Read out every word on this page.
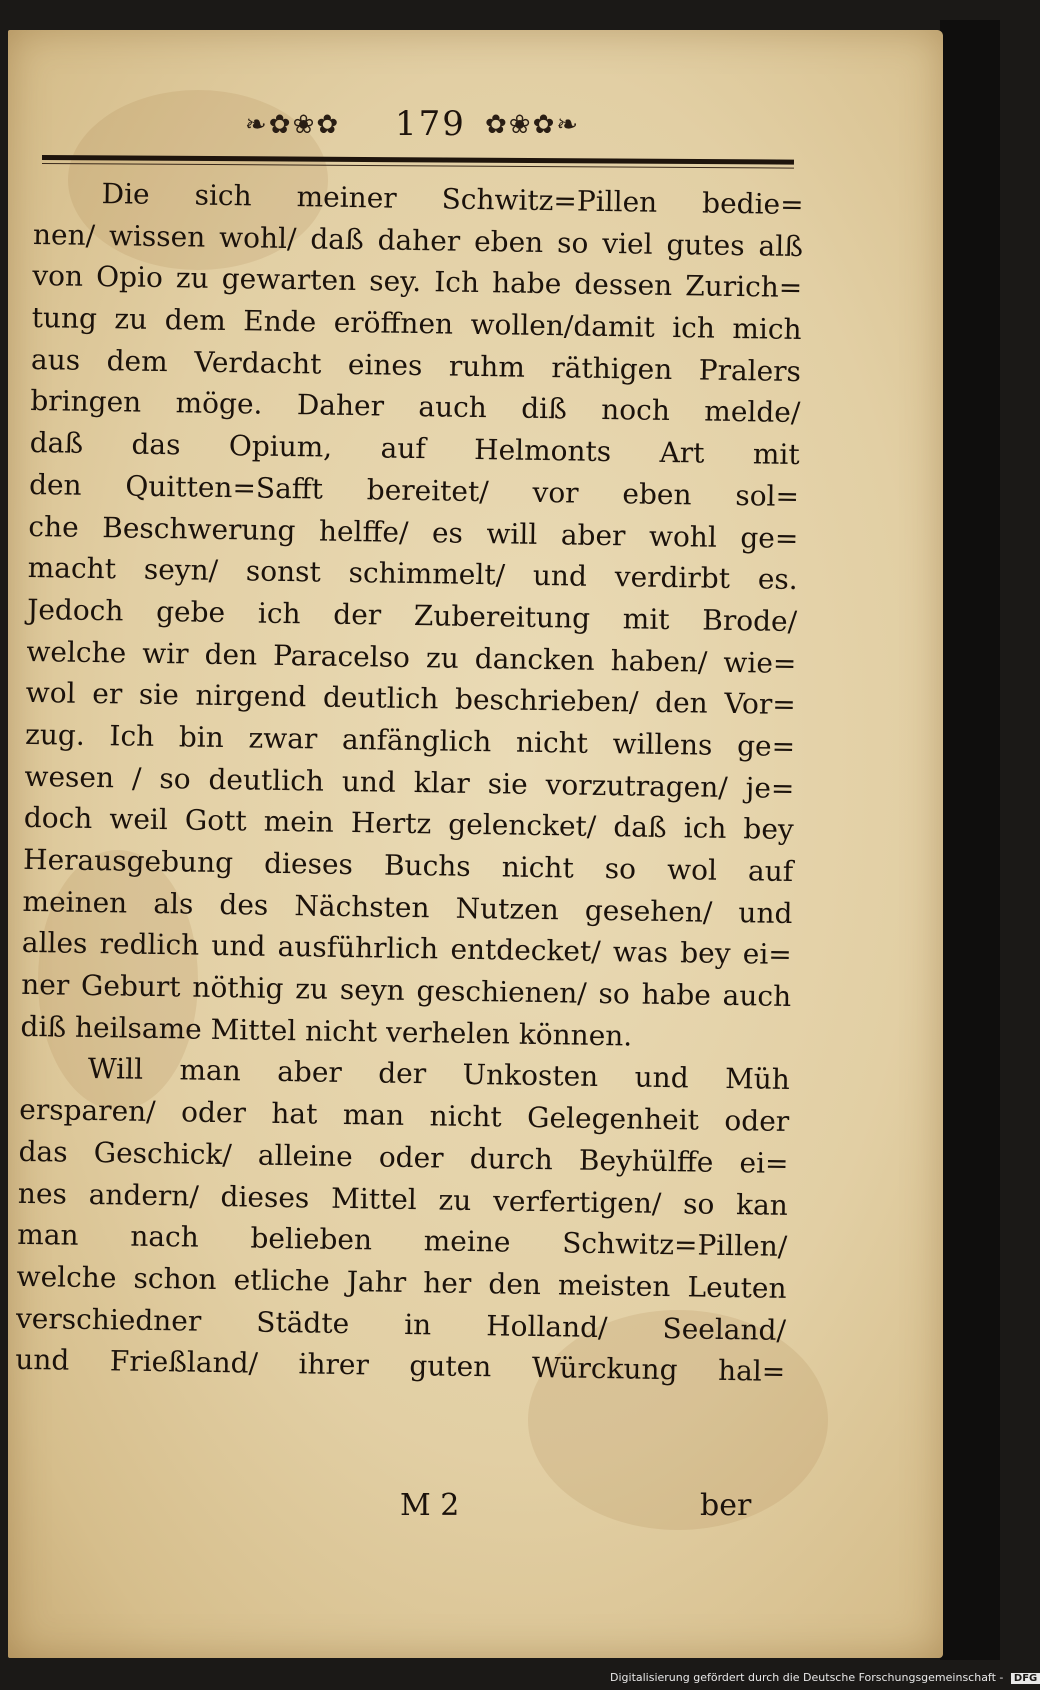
❧✿❀✿ 179 ✿❀✿❧
Die sich meiner Schwitz=Pillen bedie=
nen/ wissen wohl/ daß daher eben so viel gutes alß
von Opio zu gewarten sey. Ich habe dessen Zurich=
tung zu dem Ende eröffnen wollen/damit ich mich
aus dem Verdacht eines ruhm räthigen Pralers
bringen möge. Daher auch diß noch melde/
daß das Opium, auf Helmonts Art mit
den Quitten=Safft bereitet/ vor eben sol=
che Beschwerung helffe/ es will aber wohl ge=
macht seyn/ sonst schimmelt/ und verdirbt es.
Jedoch gebe ich der Zubereitung mit Brode/
welche wir den Paracelso zu dancken haben/ wie=
wol er sie nirgend deutlich beschrieben/ den Vor=
zug. Ich bin zwar anfänglich nicht willens ge=
wesen / so deutlich und klar sie vorzutragen/ je=
doch weil Gott mein Hertz gelencket/ daß ich bey
Herausgebung dieses Buchs nicht so wol auf
meinen als des Nächsten Nutzen gesehen/ und
alles redlich und ausführlich entdecket/ was bey ei=
ner Geburt nöthig zu seyn geschienen/ so habe auch
diß heilsame Mittel nicht verhelen können.
Will man aber der Unkosten und Müh
ersparen/ oder hat man nicht Gelegenheit oder
das Geschick/ alleine oder durch Beyhülffe ei=
nes andern/ dieses Mittel zu verfertigen/ so kan
man nach belieben meine Schwitz=Pillen/
welche schon etliche Jahr her den meisten Leuten
verschiedner Städte in Holland/ Seeland/
und Frießland/ ihrer guten Würckung hal=
M 2	ber
Digitalisierung gefördert durch die Deutsche Forschungsgemeinschaft - DFG
